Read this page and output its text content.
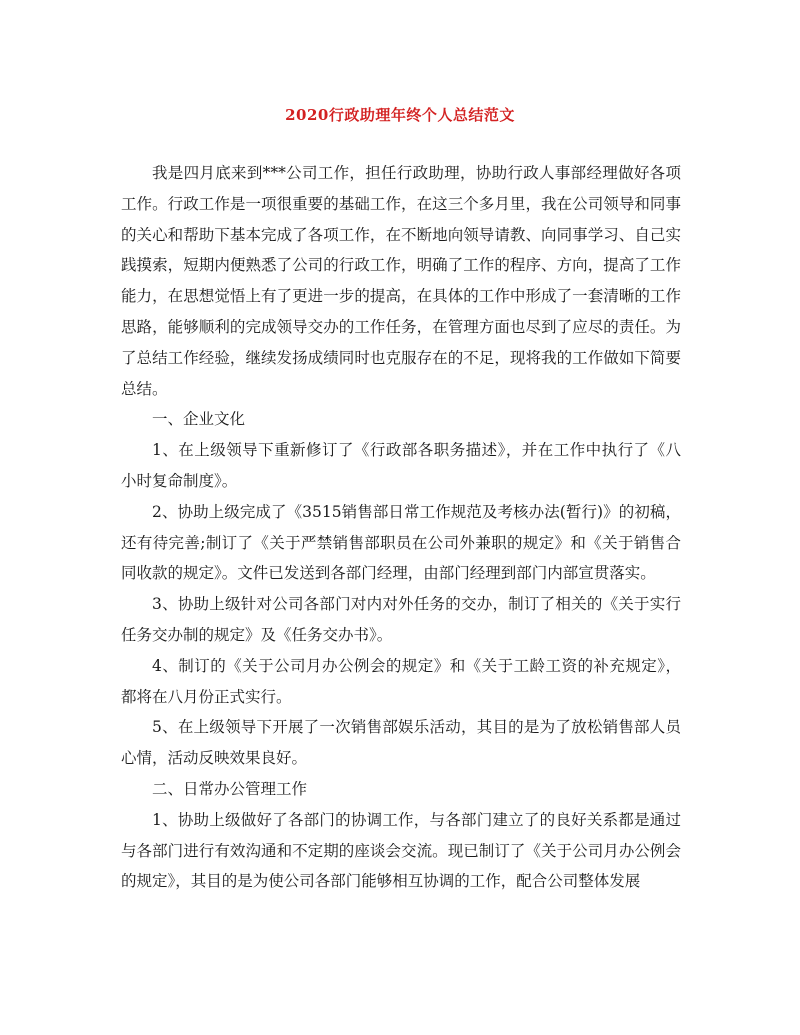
2020行政助理年终个人总结范文

我是四月底来到***公司工作，担任行政助理，协助行政人事部经理做好各项工作。行政工作是一项很重要的基础工作，在这三个多月里，我在公司领导和同事的关心和帮助下基本完成了各项工作，在不断地向领导请教、向同事学习、自己实践摸索，短期内便熟悉了公司的行政工作，明确了工作的程序、方向，提高了工作能力，在思想觉悟上有了更进一步的提高，在具体的工作中形成了一套清晰的工作思路，能够顺利的完成领导交办的工作任务，在管理方面也尽到了应尽的责任。为了总结工作经验，继续发扬成绩同时也克服存在的不足，现将我的工作做如下简要总结。

一、企业文化

1、在上级领导下重新修订了《行政部各职务描述》，并在工作中执行了《八小时复命制度》。

2、协助上级完成了《3515销售部日常工作规范及考核办法(暂行)》的初稿，还有待完善;制订了《关于严禁销售部职员在公司外兼职的规定》和《关于销售合同收款的规定》。文件已发送到各部门经理，由部门经理到部门内部宣贯落实。

3、协助上级针对公司各部门对内对外任务的交办，制订了相关的《关于实行任务交办制的规定》及《任务交办书》。

4、制订的《关于公司月办公例会的规定》和《关于工龄工资的补充规定》，都将在八月份正式实行。

5、在上级领导下开展了一次销售部娱乐活动，其目的是为了放松销售部人员心情，活动反映效果良好。

二、日常办公管理工作

1、协助上级做好了各部门的协调工作，与各部门建立了的良好关系都是通过与各部门进行有效沟通和不定期的座谈会交流。现已制订了《关于公司月办公例会的规定》，其目的是为使公司各部门能够相互协调的工作，配合公司整体发展
